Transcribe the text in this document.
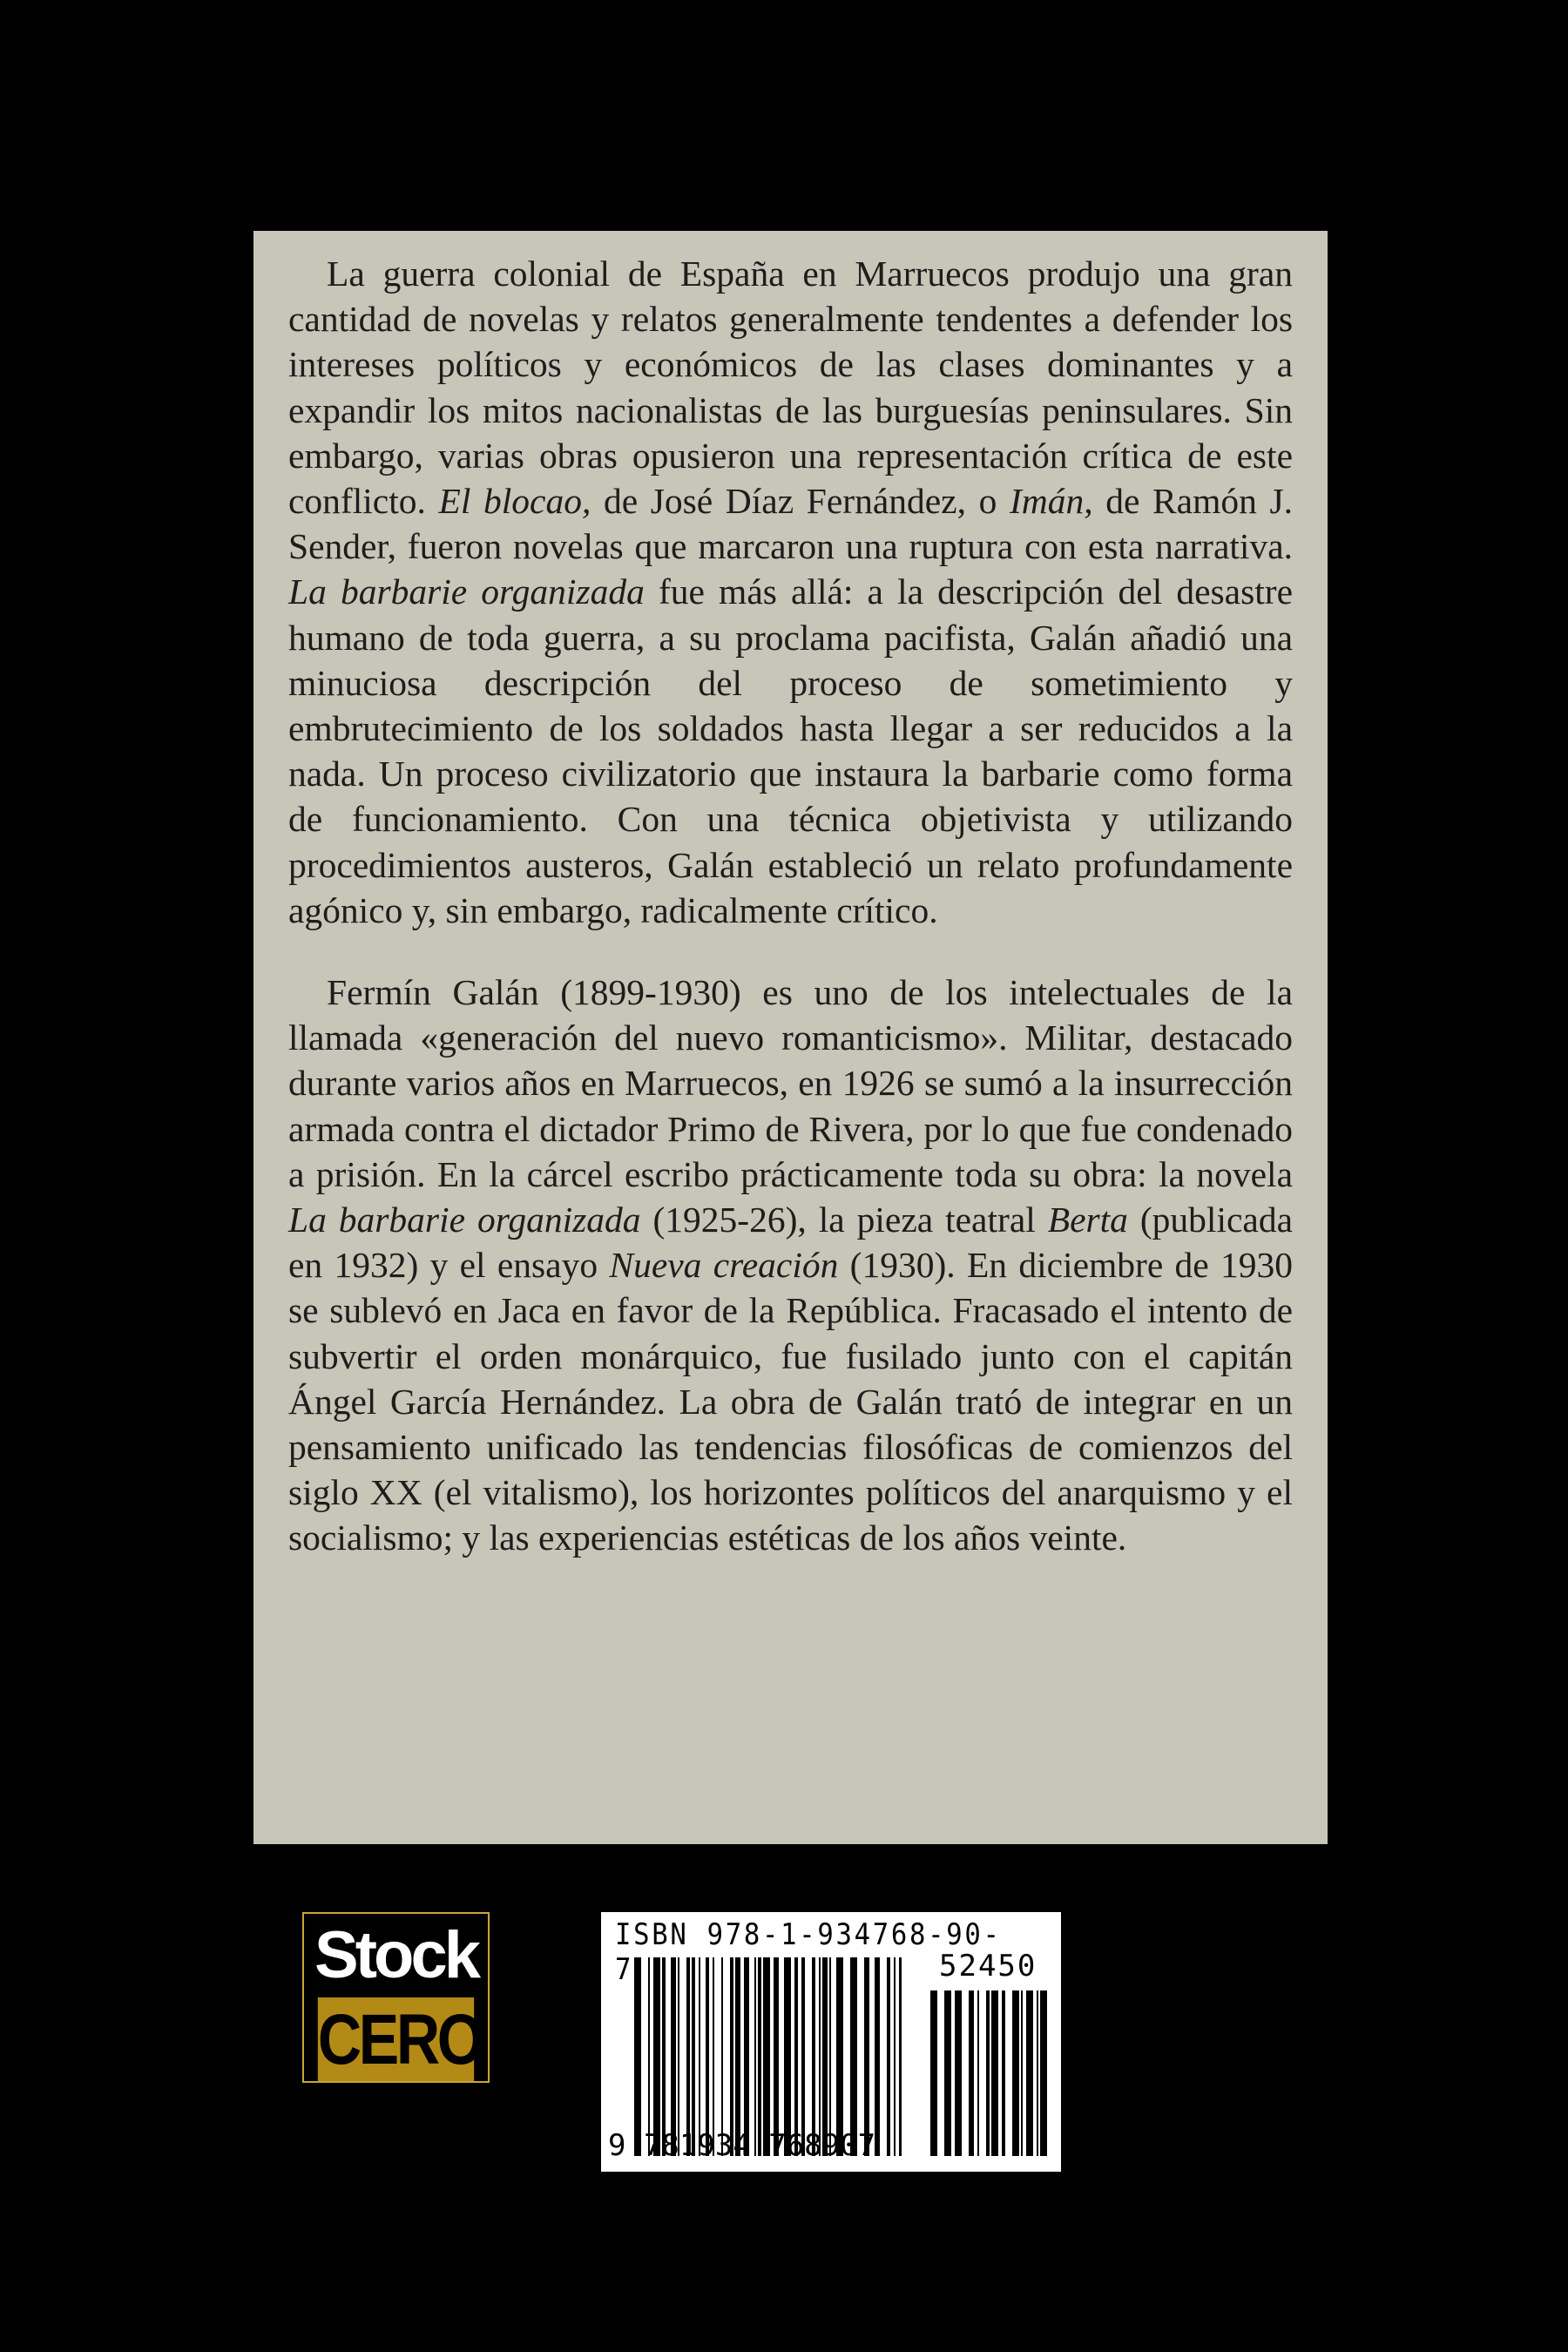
La guerra colonial de España en Marruecos produjo una gran cantidad de novelas y relatos generalmente tendentes a defender los intereses políticos y económicos de las clases dominantes y a expandir los mitos nacionalistas de las burguesías peninsulares. Sin embargo, varias obras opusieron una representación crítica de este conflicto. El blocao, de José Díaz Fernández, o Imán, de Ramón J. Sender, fueron novelas que marcaron una ruptura con esta narrativa. La barbarie organizada fue más allá: a la descripción del desastre humano de toda guerra, a su proclama pacifista, Galán añadió una minuciosa descripción del proceso de sometimiento y embrutecimiento de los soldados hasta llegar a ser reducidos a la nada. Un proceso civilizatorio que instaura la barbarie como forma de funcionamiento. Con una técnica objetivista y utilizando procedimientos austeros, Galán estableció un relato profundamente agónico y, sin embargo, radicalmente crítico.

Fermín Galán (1899-1930) es uno de los intelectuales de la llamada «generación del nuevo romanticismo». Militar, destacado durante varios años en Marruecos, en 1926 se sumó a la insurrección armada contra el dictador Primo de Rivera, por lo que fue condenado a prisión. En la cárcel escribo prácticamente toda su obra: la novela La barbarie organizada (1925-26), la pieza teatral Berta (publicada en 1932) y el ensayo Nueva creación (1930). En diciembre de 1930 se sublevó en Jaca en favor de la República. Fracasado el intento de subvertir el orden monárquico, fue fusilado junto con el capitán Ángel García Hernández. La obra de Galán trató de integrar en un pensamiento unificado las tendencias filosóficas de comienzos del siglo XX (el vitalismo), los horizontes políticos del anarquismo y el socialismo; y las experiencias estéticas de los años veinte.

Stock
CERO
ISBN 978-1-934768-90-7	52450
9 781934 768907
